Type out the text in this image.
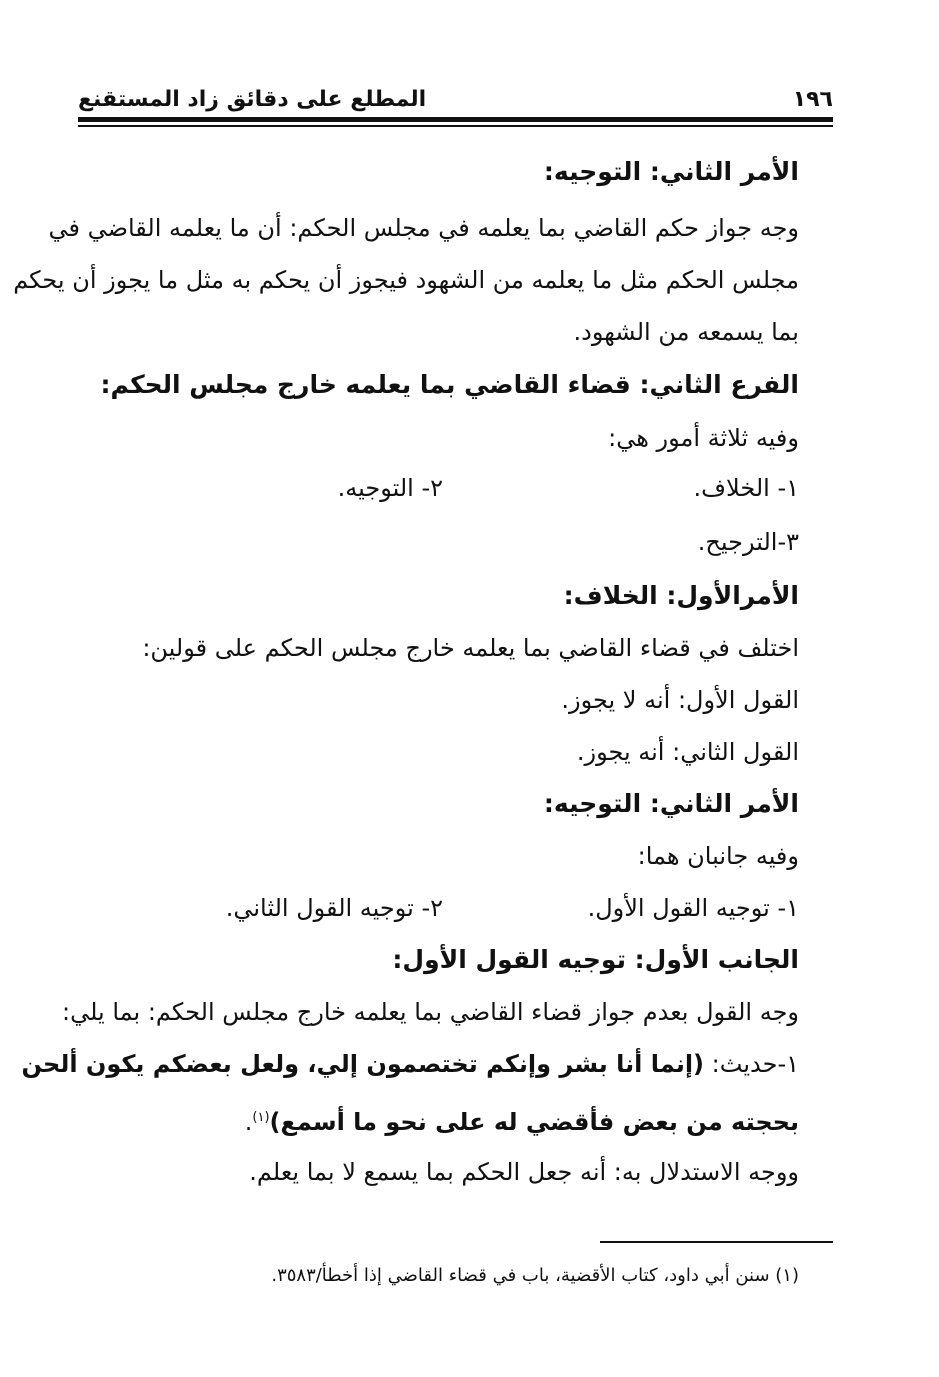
١٩٦
المطلع على دقائق زاد المستقنع
الأمر الثاني: التوجيه:
وجه جواز حكم القاضي بما يعلمه في مجلس الحكم: أن ما يعلمه القاضي في
مجلس الحكم مثل ما يعلمه من الشهود فيجوز أن يحكم به مثل ما يجوز أن يحكم
بما يسمعه من الشهود.
الفرع الثاني: قضاء القاضي بما يعلمه خارج مجلس الحكم:
وفيه ثلاثة أمور هي:
١- الخلاف.
٢- التوجيه.
٣-الترجيح.
الأمرالأول: الخلاف:
اختلف في قضاء القاضي بما يعلمه خارج مجلس الحكم على قولين:
القول الأول: أنه لا يجوز.
القول الثاني: أنه يجوز.
الأمر الثاني: التوجيه:
وفيه جانبان هما:
١- توجيه القول الأول.
٢- توجيه القول الثاني.
الجانب الأول: توجيه القول الأول:
وجه القول بعدم جواز قضاء القاضي بما يعلمه خارج مجلس الحكم: بما يلي:
١-حديث: (إنما أنا بشر وإنكم تختصمون إلي، ولعل بعضكم يكون ألحن
بحجته من بعض فأقضي له على نحو ما أسمع)$^{(١)}$.
ووجه الاستدلال به: أنه جعل الحكم بما يسمع لا بما يعلم.
(١) سنن أبي داود، كتاب الأقضية، باب في قضاء القاضي إذا أخطأ/٣٥٨٣.
